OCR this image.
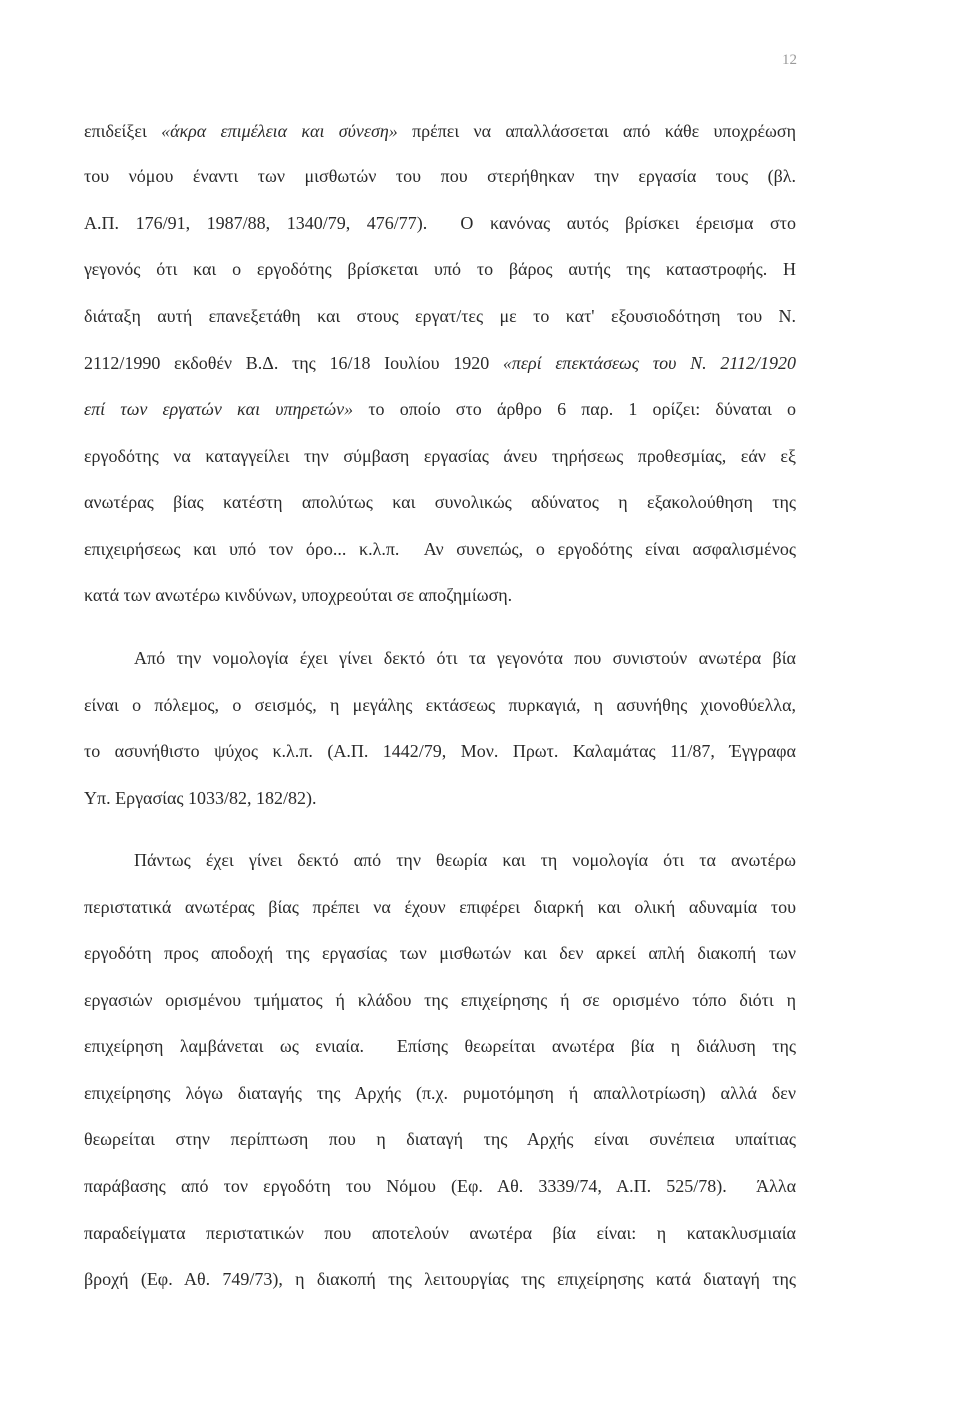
12
επιδείξει «άκρα επιμέλεια και σύνεση» πρέπει να απαλλάσσεται από κάθε υποχρέωση
του νόμου έναντι των μισθωτών του που στερήθηκαν την εργασία τους (βλ.
Α.Π. 176/91, 1987/88, 1340/79, 476/77).  Ο κανόνας αυτός βρίσκει έρεισμα στο
γεγονός ότι και ο εργοδότης βρίσκεται υπό το βάρος αυτής της καταστροφής. Η
διάταξη αυτή επανεξετάθη και στους εργατ/τες με το κατ' εξουσιοδότηση του Ν.
2112/1990 εκδοθέν Β.Δ. της 16/18 Ιουλίου 1920 «περί επεκτάσεως του Ν. 2112/1920
επί των εργατών και υπηρετών» το οποίο στο άρθρο 6 παρ. 1 ορίζει: δύναται ο
εργοδότης να καταγγείλει την σύμβαση εργασίας άνευ τηρήσεως προθεσμίας, εάν εξ
ανωτέρας βίας κατέστη απολύτως και συνολικώς αδύνατος η εξακολούθηση της
επιχειρήσεως και υπό τον όρο... κ.λ.π.  Αν συνεπώς, ο εργοδότης είναι ασφαλισμένος
κατά των ανωτέρω κινδύνων, υποχρεούται σε αποζημίωση.
Από την νομολογία έχει γίνει δεκτό ότι τα γεγονότα που συνιστούν ανωτέρα βία
είναι ο πόλεμος, ο σεισμός, η μεγάλης εκτάσεως πυρκαγιά, η ασυνήθης χιονοθύελλα,
το ασυνήθιστο ψύχος κ.λ.π. (Α.Π. 1442/79, Μον. Πρωτ. Καλαμάτας 11/87, Έγγραφα
Υπ. Εργασίας 1033/82, 182/82).
Πάντως έχει γίνει δεκτό από την θεωρία και τη νομολογία ότι τα ανωτέρω
περιστατικά ανωτέρας βίας πρέπει να έχουν επιφέρει διαρκή και ολική αδυναμία του
εργοδότη προς αποδοχή της εργασίας των μισθωτών και δεν αρκεί απλή διακοπή των
εργασιών ορισμένου τμήματος ή κλάδου της επιχείρησης ή σε ορισμένο τόπο διότι η
επιχείρηση λαμβάνεται ως ενιαία.  Επίσης θεωρείται ανωτέρα βία η διάλυση της
επιχείρησης λόγω διαταγής της Αρχής (π.χ. ρυμοτόμηση ή απαλλοτρίωση) αλλά δεν
θεωρείται στην περίπτωση που η διαταγή της Αρχής είναι συνέπεια υπαίτιας
παράβασης από τον εργοδότη του Νόμου (Εφ. Αθ. 3339/74, Α.Π. 525/78).  Άλλα
παραδείγματα περιστατικών που αποτελούν ανωτέρα βία είναι: η κατακλυσμιαία
βροχή (Εφ. Αθ. 749/73), η διακοπή της λειτουργίας της επιχείρησης κατά διαταγή της
